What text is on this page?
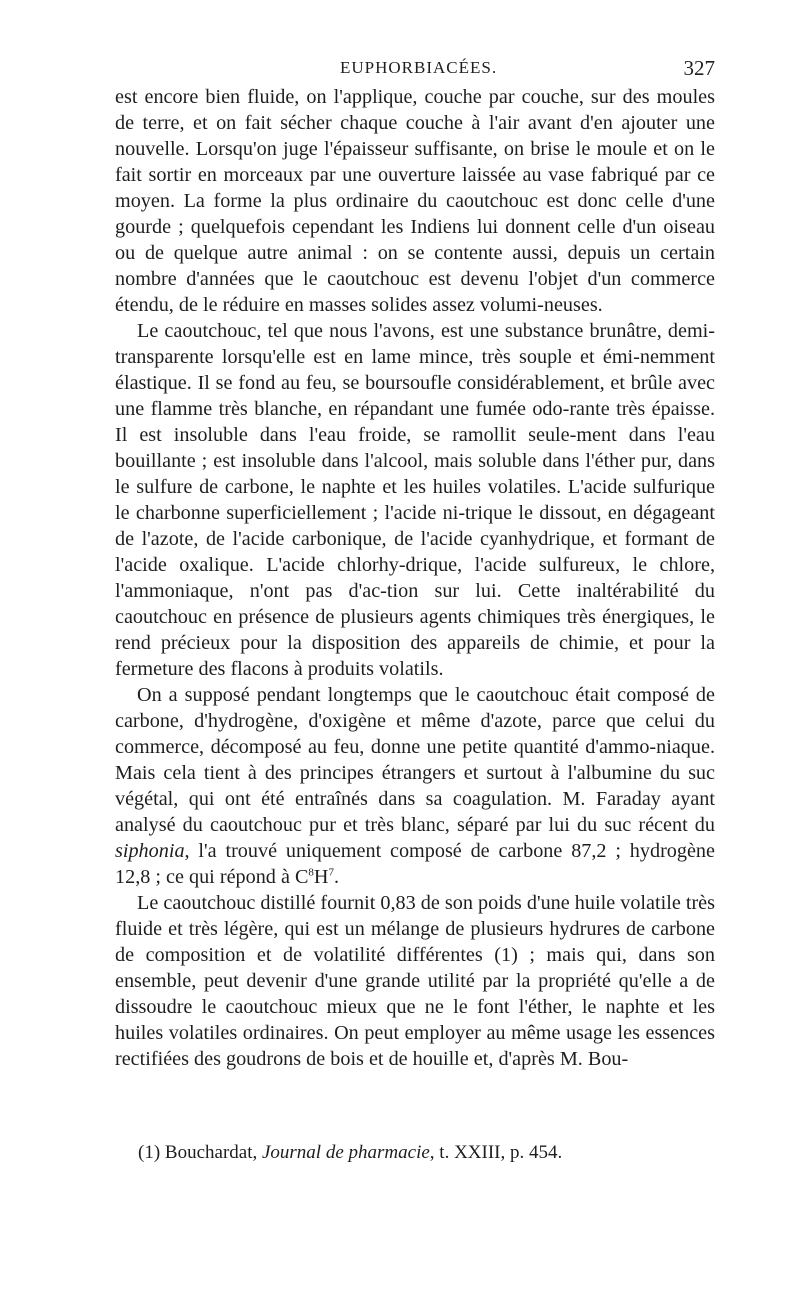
EUPHORBIACÉES.	327

est encore bien fluide, on l'applique, couche par couche, sur des moules de terre, et on fait sécher chaque couche à l'air avant d'en ajouter une nouvelle. Lorsqu'on juge l'épaisseur suffisante, on brise le moule et on le fait sortir en morceaux par une ouverture laissée au vase fabriqué par ce moyen. La forme la plus ordinaire du caoutchouc est donc celle d'une gourde ; quelquefois cependant les Indiens lui donnent celle d'un oiseau ou de quelque autre animal : on se contente aussi, depuis un certain nombre d'années que le caoutchouc est devenu l'objet d'un commerce étendu, de le réduire en masses solides assez volumi-neuses.

Le caoutchouc, tel que nous l'avons, est une substance brunâtre, demi-transparente lorsqu'elle est en lame mince, très souple et émi-nemment élastique. Il se fond au feu, se boursoufle considérablement, et brûle avec une flamme très blanche, en répandant une fumée odo-rante très épaisse. Il est insoluble dans l'eau froide, se ramollit seule-ment dans l'eau bouillante ; est insoluble dans l'alcool, mais soluble dans l'éther pur, dans le sulfure de carbone, le naphte et les huiles volatiles. L'acide sulfurique le charbonne superficiellement ; l'acide ni-trique le dissout, en dégageant de l'azote, de l'acide carbonique, de l'acide cyanhydrique, et formant de l'acide oxalique. L'acide chlorhy-drique, l'acide sulfureux, le chlore, l'ammoniaque, n'ont pas d'ac-tion sur lui. Cette inaltérabilité du caoutchouc en présence de plusieurs agents chimiques très énergiques, le rend précieux pour la disposition des appareils de chimie, et pour la fermeture des flacons à produits volatils.

On a supposé pendant longtemps que le caoutchouc était composé de carbone, d'hydrogène, d'oxigène et même d'azote, parce que celui du commerce, décomposé au feu, donne une petite quantité d'ammo-niaque. Mais cela tient à des principes étrangers et surtout à l'albumine du suc végétal, qui ont été entraînés dans sa coagulation. M. Faraday ayant analysé du caoutchouc pur et très blanc, séparé par lui du suc récent du siphonia, l'a trouvé uniquement composé de carbone 87,2 ; hydrogène 12,8 ; ce qui répond à $C^8H^7$.

Le caoutchouc distillé fournit 0,83 de son poids d'une huile volatile très fluide et très légère, qui est un mélange de plusieurs hydrures de carbone de composition et de volatilité différentes (1) ; mais qui, dans son ensemble, peut devenir d'une grande utilité par la propriété qu'elle a de dissoudre le caoutchouc mieux que ne le font l'éther, le naphte et les huiles volatiles ordinaires. On peut employer au même usage les essences rectifiées des goudrons de bois et de houille et, d'après M. Bou-

(1) Bouchardat, Journal de pharmacie, t. XXIII, p. 454.
